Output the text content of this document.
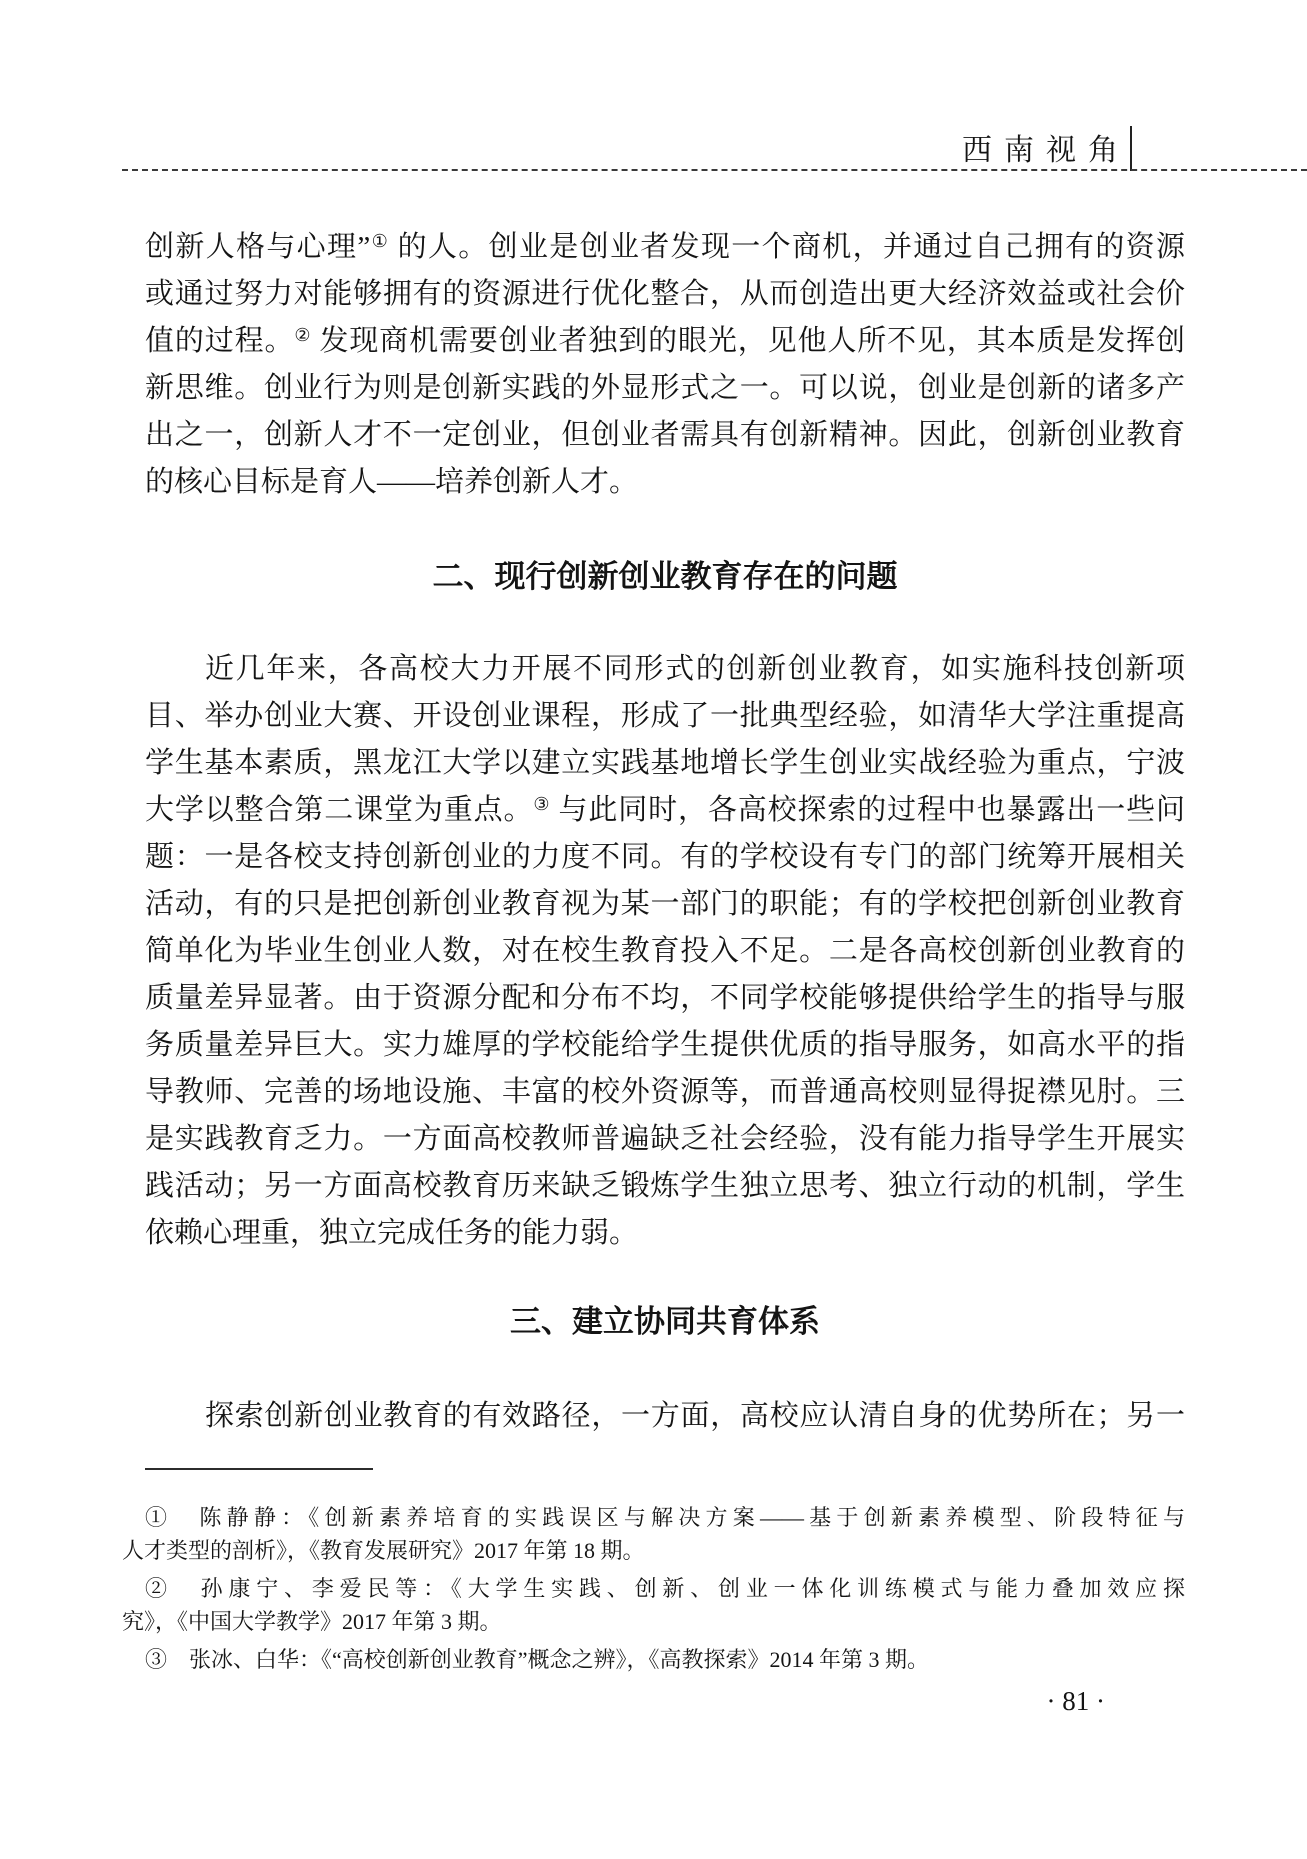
西南视角
创新人格与心理”① 的人。创业是创业者发现一个商机，并通过自己拥有的资源
或通过努力对能够拥有的资源进行优化整合，从而创造出更大经济效益或社会价
值的过程。② 发现商机需要创业者独到的眼光，见他人所不见，其本质是发挥创
新思维。创业行为则是创新实践的外显形式之一。可以说，创业是创新的诸多产
出之一，创新人才不一定创业，但创业者需具有创新精神。因此，创新创业教育
的核心目标是育人——培养创新人才。
二、现行创新创业教育存在的问题
近几年来，各高校大力开展不同形式的创新创业教育，如实施科技创新项
目、举办创业大赛、开设创业课程，形成了一批典型经验，如清华大学注重提高
学生基本素质，黑龙江大学以建立实践基地增长学生创业实战经验为重点，宁波
大学以整合第二课堂为重点。③ 与此同时，各高校探索的过程中也暴露出一些问
题：一是各校支持创新创业的力度不同。有的学校设有专门的部门统筹开展相关
活动，有的只是把创新创业教育视为某一部门的职能；有的学校把创新创业教育
简单化为毕业生创业人数，对在校生教育投入不足。二是各高校创新创业教育的
质量差异显著。由于资源分配和分布不均，不同学校能够提供给学生的指导与服
务质量差异巨大。实力雄厚的学校能给学生提供优质的指导服务，如高水平的指
导教师、完善的场地设施、丰富的校外资源等，而普通高校则显得捉襟见肘。三
是实践教育乏力。一方面高校教师普遍缺乏社会经验，没有能力指导学生开展实
践活动；另一方面高校教育历来缺乏锻炼学生独立思考、独立行动的机制，学生
依赖心理重，独立完成任务的能力弱。
三、建立协同共育体系
探索创新创业教育的有效路径，一方面，高校应认清自身的优势所在；另一
①　陈静静：《创新素养培育的实践误区与解决方案——基于创新素养模型、阶段特征与
人才类型的剖析》，《教育发展研究》2017 年第 18 期。
②　孙康宁、李爱民等：《大学生实践、创新、创业一体化训练模式与能力叠加效应探
究》，《中国大学教学》2017 年第 3 期。
③　张冰、白华：《“高校创新创业教育”概念之辨》，《高教探索》2014 年第 3 期。
· 81 ·
